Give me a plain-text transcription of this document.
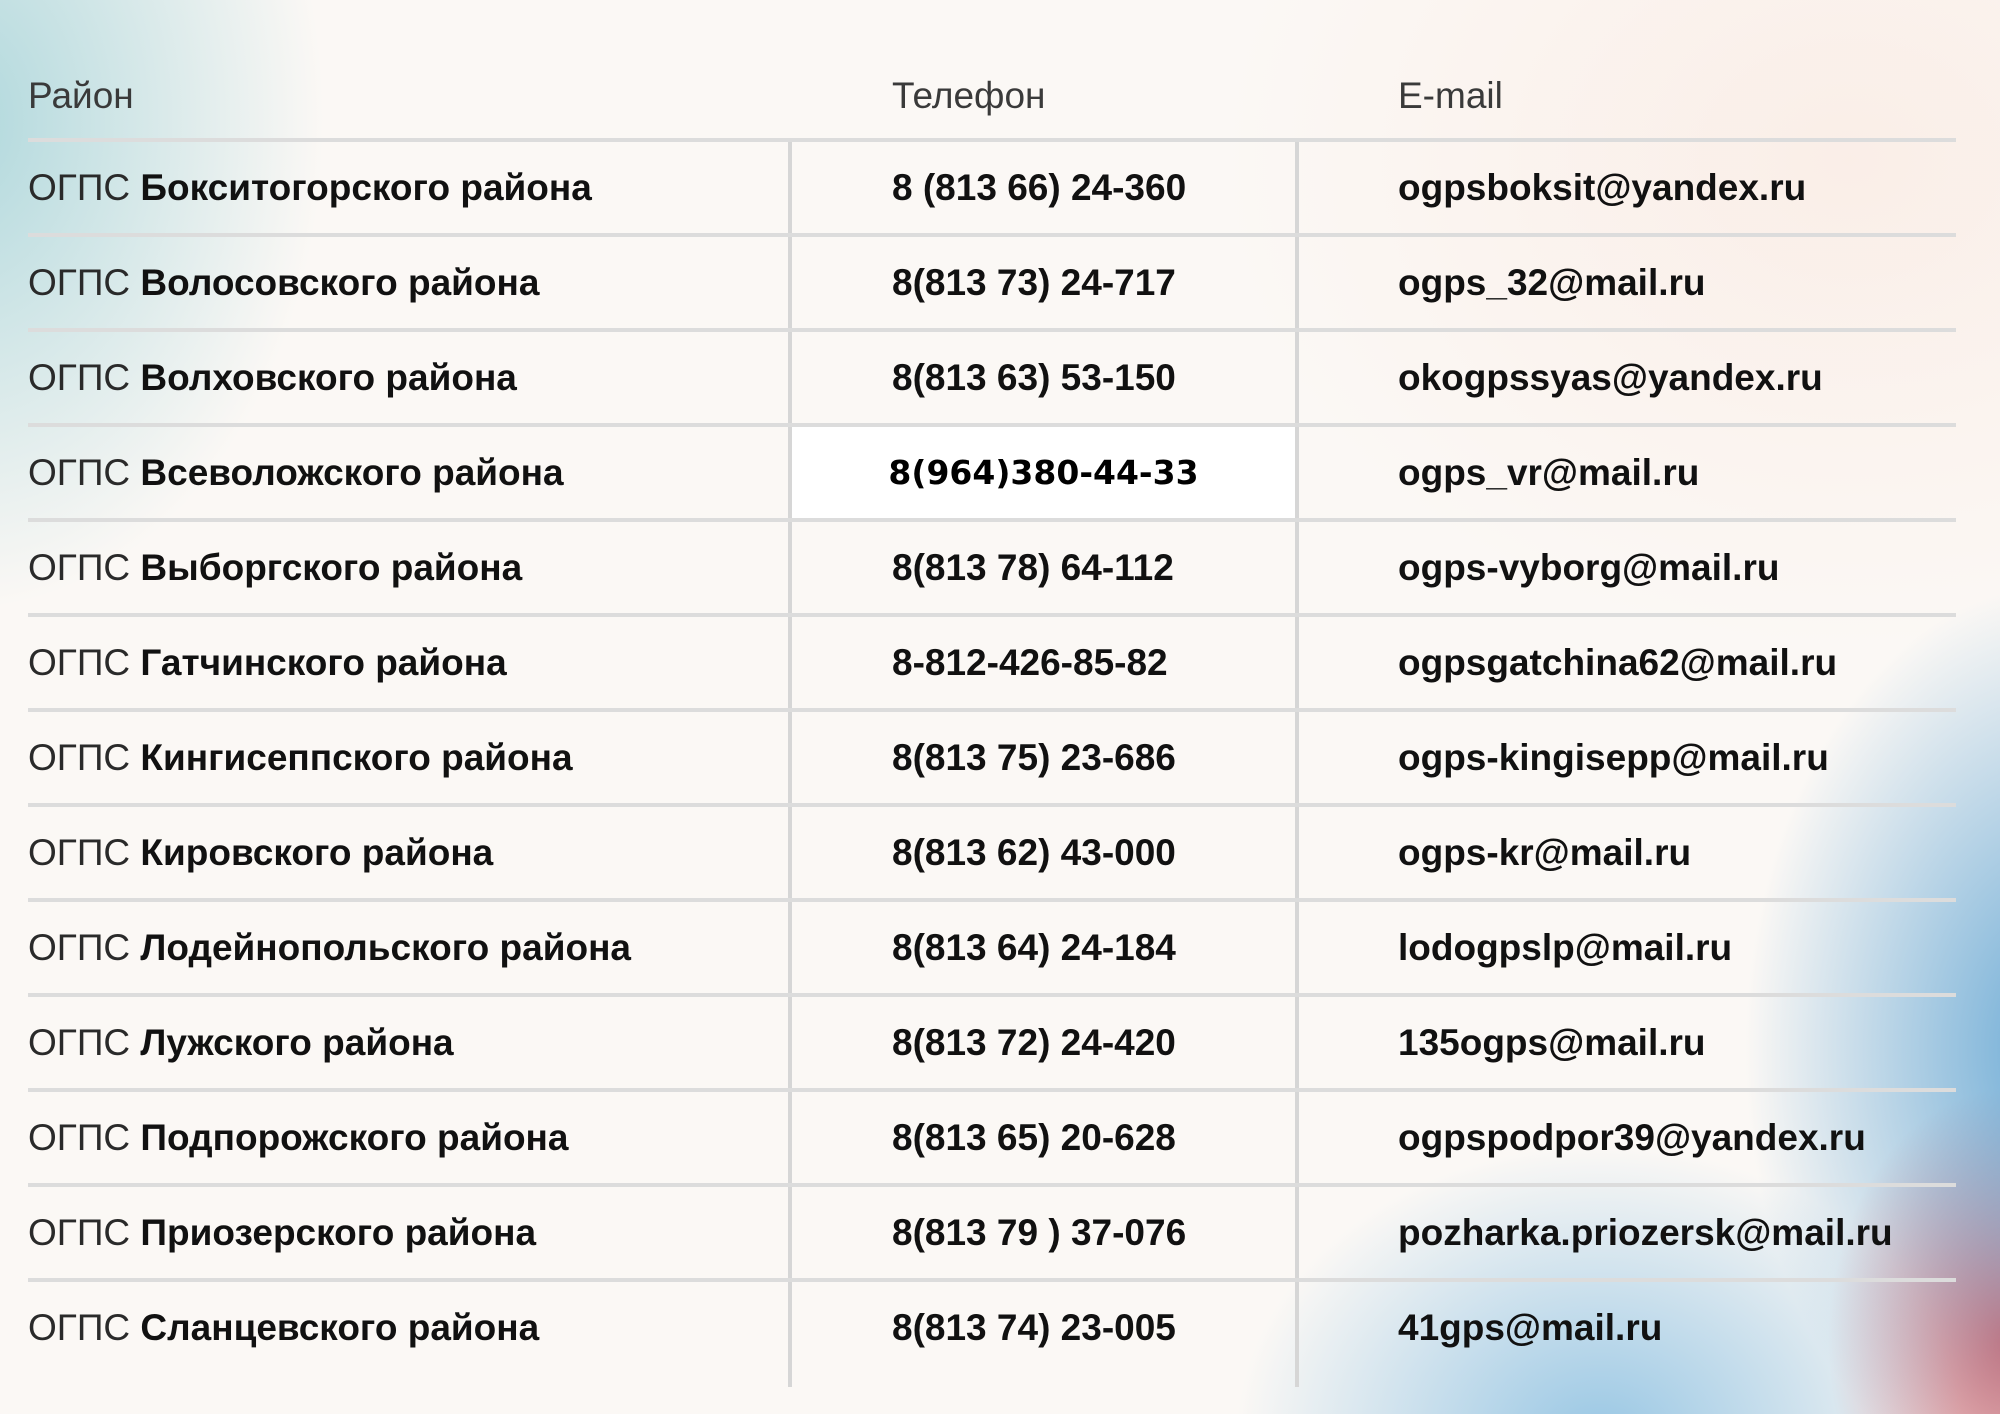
Район	Телефон	E-mail
ОГПС Бокситогорского района	8 (813 66) 24-360	ogpsboksit@yandex.ru
ОГПС Волосовского района	8(813 73) 24-717	ogps_32@mail.ru
ОГПС Волховского района	8(813 63) 53-150	okogpssyas@yandex.ru
ОГПС Всеволожского района	8(964)380-44-33	ogps_vr@mail.ru
ОГПС Выборгского района	8(813 78) 64-112	ogps-vyborg@mail.ru
ОГПС Гатчинского района	8-812-426-85-82	ogpsgatchina62@mail.ru
ОГПС Кингисеппского района	8(813 75) 23-686	ogps-kingisepp@mail.ru
ОГПС Кировского района	8(813 62) 43-000	ogps-kr@mail.ru
ОГПС Лодейнопольского района	8(813 64) 24-184	lodogpslp@mail.ru
ОГПС Лужского района	8(813 72) 24-420	135ogps@mail.ru
ОГПС Подпорожского района	8(813 65) 20-628	ogpspodpor39@yandex.ru
ОГПС Приозерского района	8(813 79 ) 37-076	pozharka.priozersk@mail.ru
ОГПС Сланцевского района	8(813 74) 23-005	41gps@mail.ru
